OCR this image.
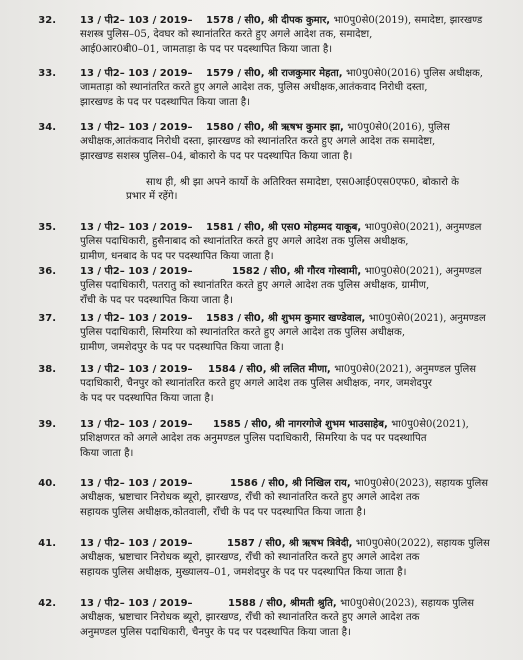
32. 13 / पी2– 103 / 2019– 1578 / सी0, श्री दीपक कुमार, भा0पु0से0(2019), समादेष्टा, झारखण्ड
सशस्त्र पुलिस–05, देवघर को स्थानांतरित करते हुए अगले आदेश तक, समादेष्टा,
आई0आर0बी0–01, जामताड़ा के पद पर पदस्थापित किया जाता है।
33. 13 / पी2– 103 / 2019– 1579 / सी0, श्री राजकुमार मेहता, भा0पु0से0(2016) पुलिस अधीक्षक,
जामताड़ा को स्थानांतरित करते हुए अगले आदेश तक, पुलिस अधीक्षक,आतंकवाद निरोधी दस्ता,
झारखण्ड के पद पर पदस्थापित किया जाता है।
34. 13 / पी2– 103 / 2019– 1580 / सी0, श्री ऋषभ कुमार झा, भा0पु0से0(2016), पुलिस
अधीक्षक,आतंकवाद निरोधी दस्ता, झारखण्ड को स्थानांतरित करते हुए अगले आदेश तक समादेष्टा,
झारखण्ड सशस्त्र पुलिस–04, बोकारो के पद पर पदस्थापित किया जाता है।
साथ ही, श्री झा अपने कार्यो के अतिरिक्त समादेष्टा, एस0आई0एस0एफ0, बोकारो के
प्रभार में रहेंगे।
35. 13 / पी2– 103 / 2019– 1581 / सी0, श्री एस0 मोहम्मद याकूब, भा0पु0से0(2021), अनुमण्डल
पुलिस पदाधिकारी, हुसैनाबाद को स्थानांतरित करते हुए अगले आदेश तक पुलिस अधीक्षक,
ग्रामीण, धनबाद के पद पर पदस्थापित किया जाता है।
36. 13 / पी2– 103 / 2019–	1582 / सी0, श्री गौरव गोस्वामी, भा0पु0से0(2021), अनुमण्डल
पुलिस पदाधिकारी, पतरातु को स्थानांतरित करते हुए अगले आदेश तक पुलिस अधीक्षक, ग्रामीण,
राँची के पद पर पदस्थापित किया जाता है।
37. 13 / पी2– 103 / 2019– 1583 / सी0, श्री शुभम कुमार खण्डेवाल, भा0पु0से0(2021), अनुमण्डल
पुलिस पदाधिकारी, सिमरिया को स्थानांतरित करते हुए अगले आदेश तक पुलिस अधीक्षक,
ग्रामीण, जमशेदपुर के पद पर पदस्थापित किया जाता है।
38. 13 / पी2– 103 / 2019– 1584 / सी0, श्री ललित मीणा, भा0पु0से0(2021), अनुमण्डल पुलिस
पदाधिकारी, चैनपुर को स्थानांतरित करते हुए अगले आदेश तक पुलिस अधीक्षक, नगर, जमशेदपुर
के पद पर पदस्थापित किया जाता है।
39. 13 / पी2– 103 / 2019– 1585 / सी0, श्री नागरगोजे शुभम भाउसाहेब, भा0पु0से0(2021),
प्रशिक्षणरत को अगले आदेश तक अनुमण्डल पुलिस पदाधिकारी, सिमरिया के पद पर पदस्थापित
किया जाता है।
40. 13 / पी2– 103 / 2019–	1586 / सी0, श्री निखिल राय, भा0पु0से0(2023), सहायक पुलिस
अधीक्षक, भ्रष्टाचार निरोधक ब्यूरो, झारखण्ड, राँची को स्थानांतरित करते हुए अगले आदेश तक
सहायक पुलिस अधीक्षक,कोतवाली, राँची के पद पर पदस्थापित किया जाता है।
41. 13 / पी2– 103 / 2019–	1587 / सी0, श्री ऋषभ त्रिवेदी, भा0पु0से0(2022), सहायक पुलिस
अधीक्षक, भ्रष्टाचार निरोधक ब्यूरो, झारखण्ड, राँची को स्थानांतरित करते हुए अगले आदेश तक
सहायक पुलिस अधीक्षक, मुख्यालय–01, जमशेदपुर के पद पर पदस्थापित किया जाता है।
42. 13 / पी2– 103 / 2019–	1588 / सी0, श्रीमती श्रुति, भा0पु0से0(2023), सहायक पुलिस
अधीक्षक, भ्रष्टाचार निरोधक ब्यूरो, झारखण्ड, राँची को स्थानांतरित करते हुए अगले आदेश तक
अनुमण्डल पुलिस पदाधिकारी, चैनपुर के पद पर पदस्थापित किया जाता है।
